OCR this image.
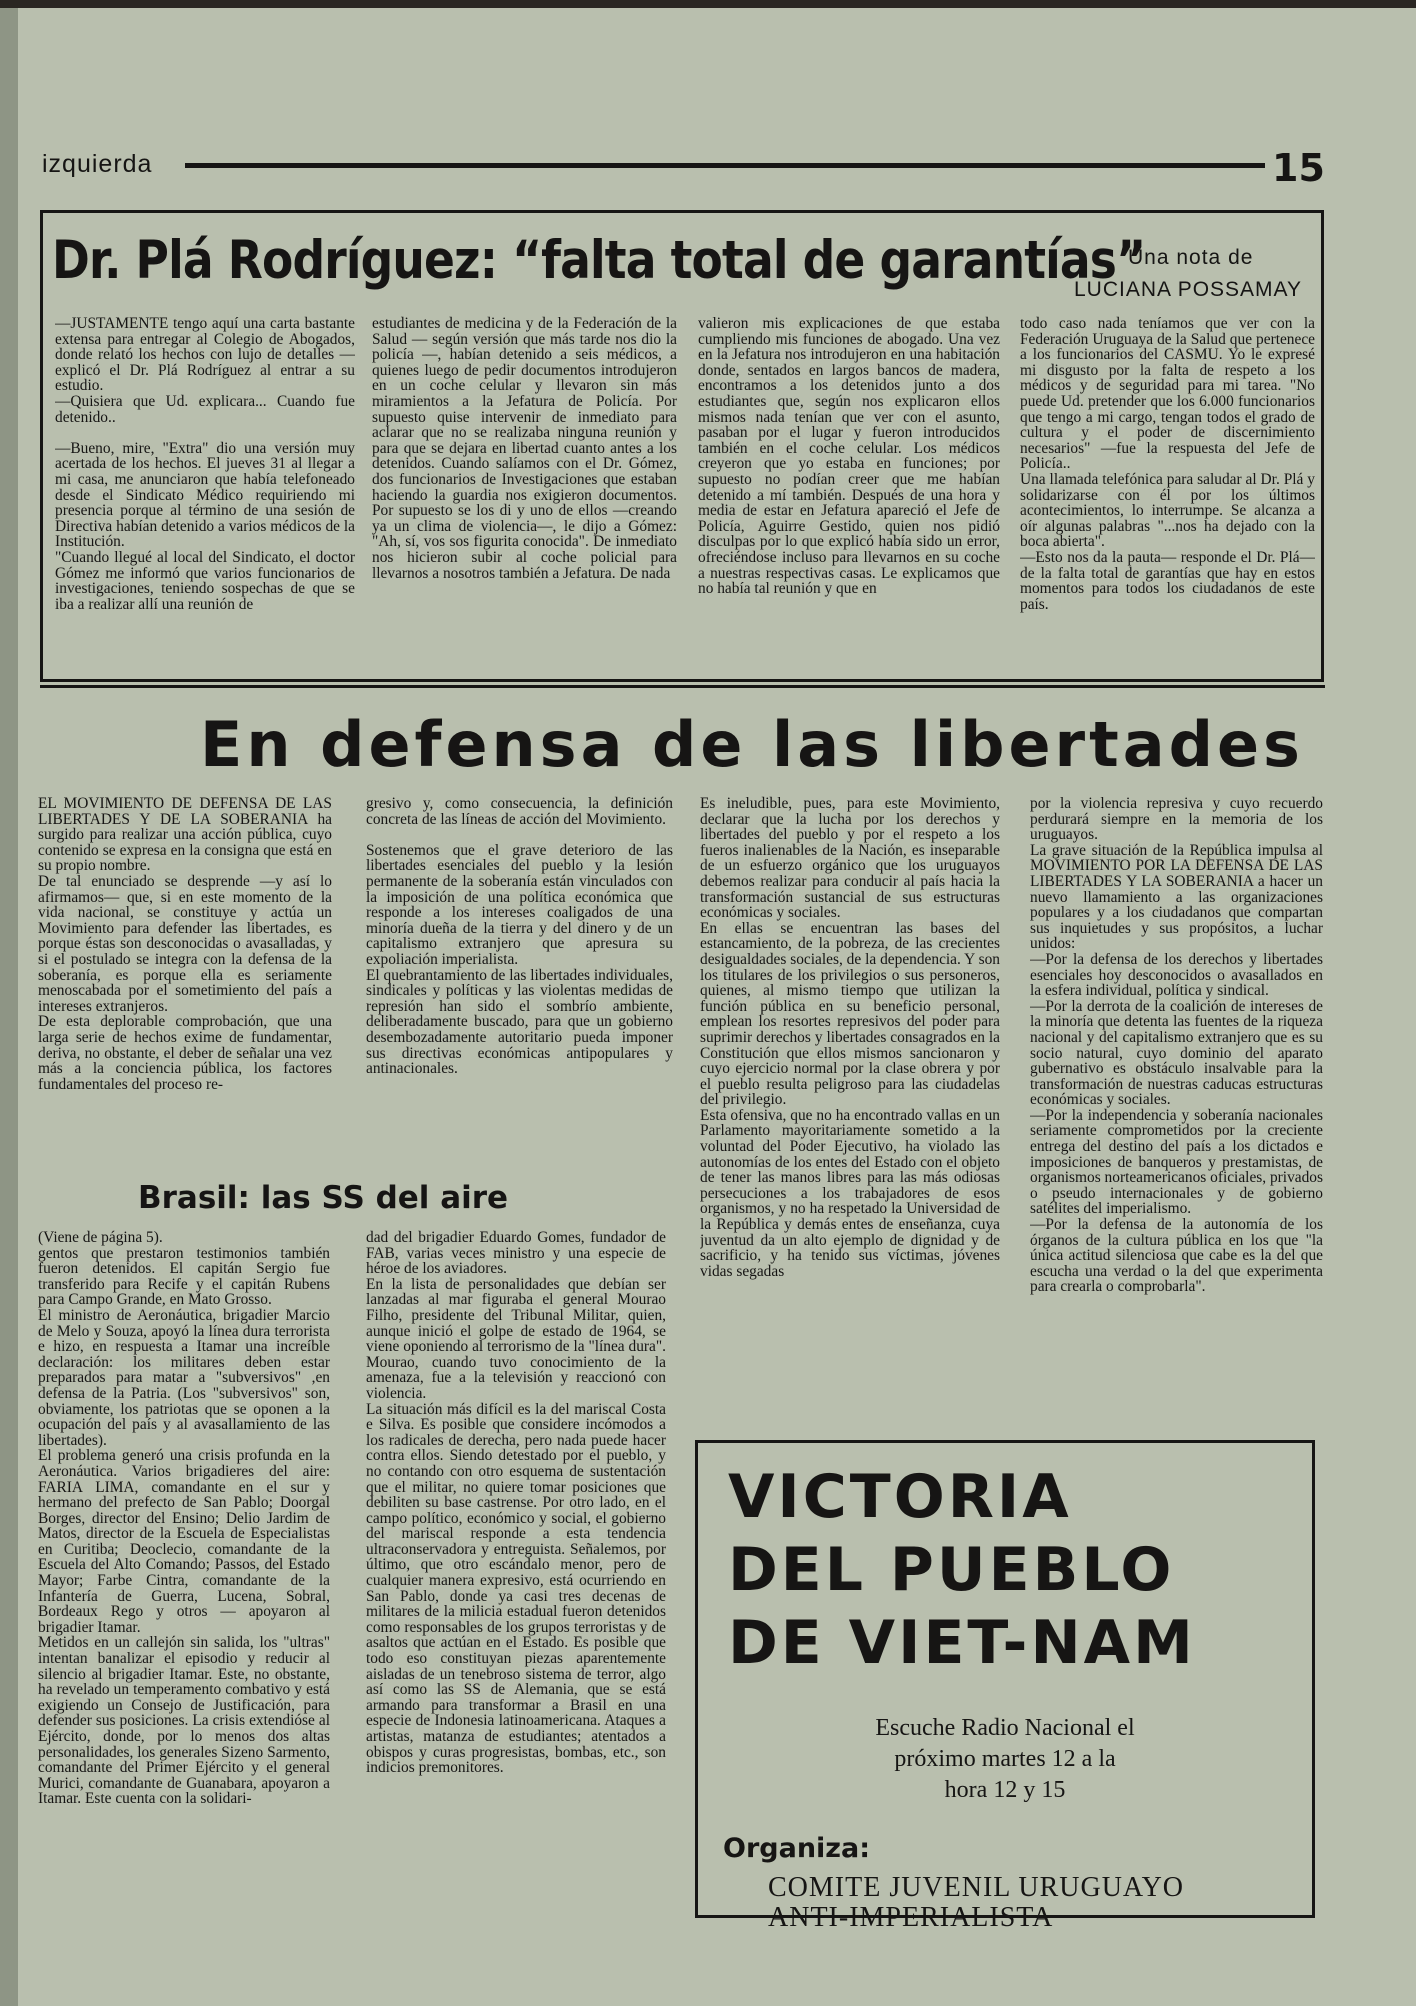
izquierda	15
Dr. Plá Rodríguez: “falta total de garantías”
Una nota de
LUCIANA POSSAMAY
—JUSTAMENTE tengo aquí una carta bastante extensa para entregar al Colegio de Abogados, donde relató los hechos con lujo de detalles —explicó el Dr. Plá Rodríguez al entrar a su estudio.
—Quisiera que Ud. explicara... Cuando fue detenido..

—Bueno, mire, "Extra" dio una versión muy acertada de los hechos. El jueves 31 al llegar a mi casa, me anunciaron que había telefoneado desde el Sindicato Médico requiriendo mi presencia porque al término de una sesión de Directiva habían detenido a varios médicos de la Institución.
"Cuando llegué al local del Sindicato, el doctor Gómez me informó que varios funcionarios de investigaciones, teniendo sospechas de que se iba a realizar allí una reunión de
estudiantes de medicina y de la Federación de la Salud — según versión que más tarde nos dio la policía —, habían detenido a seis médicos, a quienes luego de pedir documentos introdujeron en un coche celular y llevaron sin más miramientos a la Jefatura de Policía. Por supuesto quise intervenir de inmediato para aclarar que no se realizaba ninguna reunión y para que se dejara en libertad cuanto antes a los detenidos. Cuando salíamos con el Dr. Gómez, dos funcionarios de Investigaciones que estaban haciendo la guardia nos exigieron documentos. Por supuesto se los di y uno de ellos —creando ya un clima de violencia—, le dijo a Gómez: "Ah, sí, vos sos figurita conocida". De inmediato nos hicieron subir al coche policial para llevarnos a nosotros también a Jefatura. De nada
valieron mis explicaciones de que estaba cumpliendo mis funciones de abogado. Una vez en la Jefatura nos introdujeron en una habitación donde, sentados en largos bancos de madera, encontramos a los detenidos junto a dos estudiantes que, según nos explicaron ellos mismos nada tenían que ver con el asunto, pasaban por el lugar y fueron introducidos también en el coche celular. Los médicos creyeron que yo estaba en funciones; por supuesto no podían creer que me habían detenido a mí también. Después de una hora y media de estar en Jefatura apareció el Jefe de Policía, Aguirre Gestido, quien nos pidió disculpas por lo que explicó había sido un error, ofreciéndose incluso para llevarnos en su coche a nuestras respectivas casas. Le explicamos que no había tal reunión y que en
todo caso nada teníamos que ver con la Federación Uruguaya de la Salud que pertenece a los funcionarios del CASMU. Yo le expresé mi disgusto por la falta de respeto a los médicos y de seguridad para mi tarea. "No puede Ud. pretender que los 6.000 funcionarios que tengo a mi cargo, tengan todos el grado de cultura y el poder de discernimiento necesarios" —fue la respuesta del Jefe de Policía..
Una llamada telefónica para saludar al Dr. Plá y solidarizarse con él por los últimos acontecimientos, lo interrumpe. Se alcanza a oír algunas palabras "...nos ha dejado con la boca abierta".
—Esto nos da la pauta— responde el Dr. Plá— de la falta total de garantías que hay en estos momentos para todos los ciudadanos de este país.
En defensa de las libertades
EL MOVIMIENTO DE DEFENSA DE LAS LIBERTADES Y DE LA SOBERANIA ha surgido para realizar una acción pública, cuyo contenido se expresa en la consigna que está en su propio nombre.
De tal enunciado se desprende —y así lo afirmamos— que, si en este momento de la vida nacional, se constituye y actúa un Movimiento para defender las libertades, es porque éstas son desconocidas o avasalladas, y si el postulado se integra con la defensa de la soberanía, es porque ella es seriamente menoscabada por el sometimiento del país a intereses extranjeros.
De esta deplorable comprobación, que una larga serie de hechos exime de fundamentar, deriva, no obstante, el deber de señalar una vez más a la conciencia pública, los factores fundamentales del proceso re-
gresivo y, como consecuencia, la definición concreta de las líneas de acción del Movimiento.

Sostenemos que el grave deterioro de las libertades esenciales del pueblo y la lesión permanente de la soberanía están vinculados con la imposición de una política económica que responde a los intereses coaligados de una minoría dueña de la tierra y del dinero y de un capitalismo extranjero que apresura su expoliación imperialista.
El quebrantamiento de las libertades individuales, sindicales y políticas y las violentas medidas de represión han sido el sombrío ambiente, deliberadamente buscado, para que un gobierno desembozadamente autoritario pueda imponer sus directivas económicas antipopulares y antinacionales.
Es ineludible, pues, para este Movimiento, declarar que la lucha por los derechos y libertades del pueblo y por el respeto a los fueros inalienables de la Nación, es inseparable de un esfuerzo orgánico que los uruguayos debemos realizar para conducir al país hacia la transformación sustancial de sus estructuras económicas y sociales.
En ellas se encuentran las bases del estancamiento, de la pobreza, de las crecientes desigualdades sociales, de la dependencia. Y son los titulares de los privilegios o sus personeros, quienes, al mismo tiempo que utilizan la función pública en su beneficio personal, emplean los resortes represivos del poder para suprimir derechos y libertades consagrados en la Constitución que ellos mismos sancionaron y cuyo ejercicio normal por la clase obrera y por el pueblo resulta peligroso para las ciudadelas del privilegio.
Esta ofensiva, que no ha encontrado vallas en un Parlamento mayoritariamente sometido a la voluntad del Poder Ejecutivo, ha violado las autonomías de los entes del Estado con el objeto de tener las manos libres para las más odiosas persecuciones a los trabajadores de esos organismos, y no ha respetado la Universidad de la República y demás entes de enseñanza, cuya juventud da un alto ejemplo de dignidad y de sacrificio, y ha tenido sus víctimas, jóvenes vidas segadas
por la violencia represiva y cuyo recuerdo perdurará siempre en la memoria de los uruguayos.
La grave situación de la República impulsa al MOVIMIENTO POR LA DEFENSA DE LAS LIBERTADES Y LA SOBERANIA a hacer un nuevo llamamiento a las organizaciones populares y a los ciudadanos que compartan sus inquietudes y sus propósitos, a luchar unidos:
—Por la defensa de los derechos y libertades esenciales hoy desconocidos o avasallados en la esfera individual, política y sindical.
—Por la derrota de la coalición de intereses de la minoría que detenta las fuentes de la riqueza nacional y del capitalismo extranjero que es su socio natural, cuyo dominio del aparato gubernativo es obstáculo insalvable para la transformación de nuestras caducas estructuras económicas y sociales.
—Por la independencia y soberanía nacionales seriamente comprometidos por la creciente entrega del destino del país a los dictados e imposiciones de banqueros y prestamistas, de organismos norteamericanos oficiales, privados o pseudo internacionales y de gobierno satélites del imperialismo.
—Por la defensa de la autonomía de los órganos de la cultura pública en los que "la única actitud silenciosa que cabe es la del que escucha una verdad o la del que experimenta para crearla o comprobarla".
Brasil: las SS del aire
(Viene de página 5).
gentos que prestaron testimonios también fueron detenidos. El capitán Sergio fue transferido para Recife y el capitán Rubens para Campo Grande, en Mato Grosso.
El ministro de Aeronáutica, brigadier Marcio de Melo y Souza, apoyó la línea dura terrorista e hizo, en respuesta a Itamar una increíble declaración: los militares deben estar preparados para matar a "subversivos" ,en defensa de la Patria. (Los "subversivos" son, obviamente, los patriotas que se oponen a la ocupación del país y al avasallamiento de las libertades).
El problema generó una crisis profunda en la Aeronáutica. Varios brigadieres del aire: FARIA LIMA, comandante en el sur y hermano del prefecto de San Pablo; Doorgal Borges, director del Ensino; Delio Jardim de Matos, director de la Escuela de Especialistas en Curitiba; Deoclecio, comandante de la Escuela del Alto Comando; Passos, del Estado Mayor; Farbe Cintra, comandante de la Infantería de Guerra, Lucena, Sobral, Bordeaux Rego y otros — apoyaron al brigadier Itamar.
Metidos en un callejón sin salida, los "ultras" intentan banalizar el episodio y reducir al silencio al brigadier Itamar. Este, no obstante, ha revelado un temperamento combativo y está exigiendo un Consejo de Justificación, para defender sus posiciones. La crisis extendióse al Ejército, donde, por lo menos dos altas personalidades, los generales Sizeno Sarmento, comandante del Primer Ejército y el general Murici, comandante de Guanabara, apoyaron a Itamar. Este cuenta con la solidari-
dad del brigadier Eduardo Gomes, fundador de FAB, varias veces ministro y una especie de héroe de los aviadores.
En la lista de personalidades que debían ser lanzadas al mar figuraba el general Mourao Filho, presidente del Tribunal Militar, quien, aunque inició el golpe de estado de 1964, se viene oponiendo al terrorismo de la "línea dura". Mourao, cuando tuvo conocimiento de la amenaza, fue a la televisión y reaccionó con violencia.
La situación más difícil es la del mariscal Costa e Silva. Es posible que considere incómodos a los radicales de derecha, pero nada puede hacer contra ellos. Siendo detestado por el pueblo, y no contando con otro esquema de sustentación que el militar, no quiere tomar posiciones que debiliten su base castrense. Por otro lado, en el campo político, económico y social, el gobierno del mariscal responde a esta tendencia ultraconservadora y entreguista. Señalemos, por último, que otro escándalo menor, pero de cualquier manera expresivo, está ocurriendo en San Pablo, donde ya casi tres decenas de militares de la milicia estadual fueron detenidos como responsables de los grupos terroristas y de asaltos que actúan en el Estado. Es posible que todo eso constituyan piezas aparentemente aisladas de un tenebroso sistema de terror, algo así como las SS de Alemania, que se está armando para transformar a Brasil en una especie de Indonesia latinoamericana. Ataques a artistas, matanza de estudiantes; atentados a obispos y curas progresistas, bombas, etc., son indicios premonitores.
VICTORIA
DEL PUEBLO
DE VIET-NAM
Escuche Radio Nacional el
próximo martes 12 a la
hora 12 y 15
Organiza:
COMITE JUVENIL URUGUAYO
ANTI-IMPERIALISTA
